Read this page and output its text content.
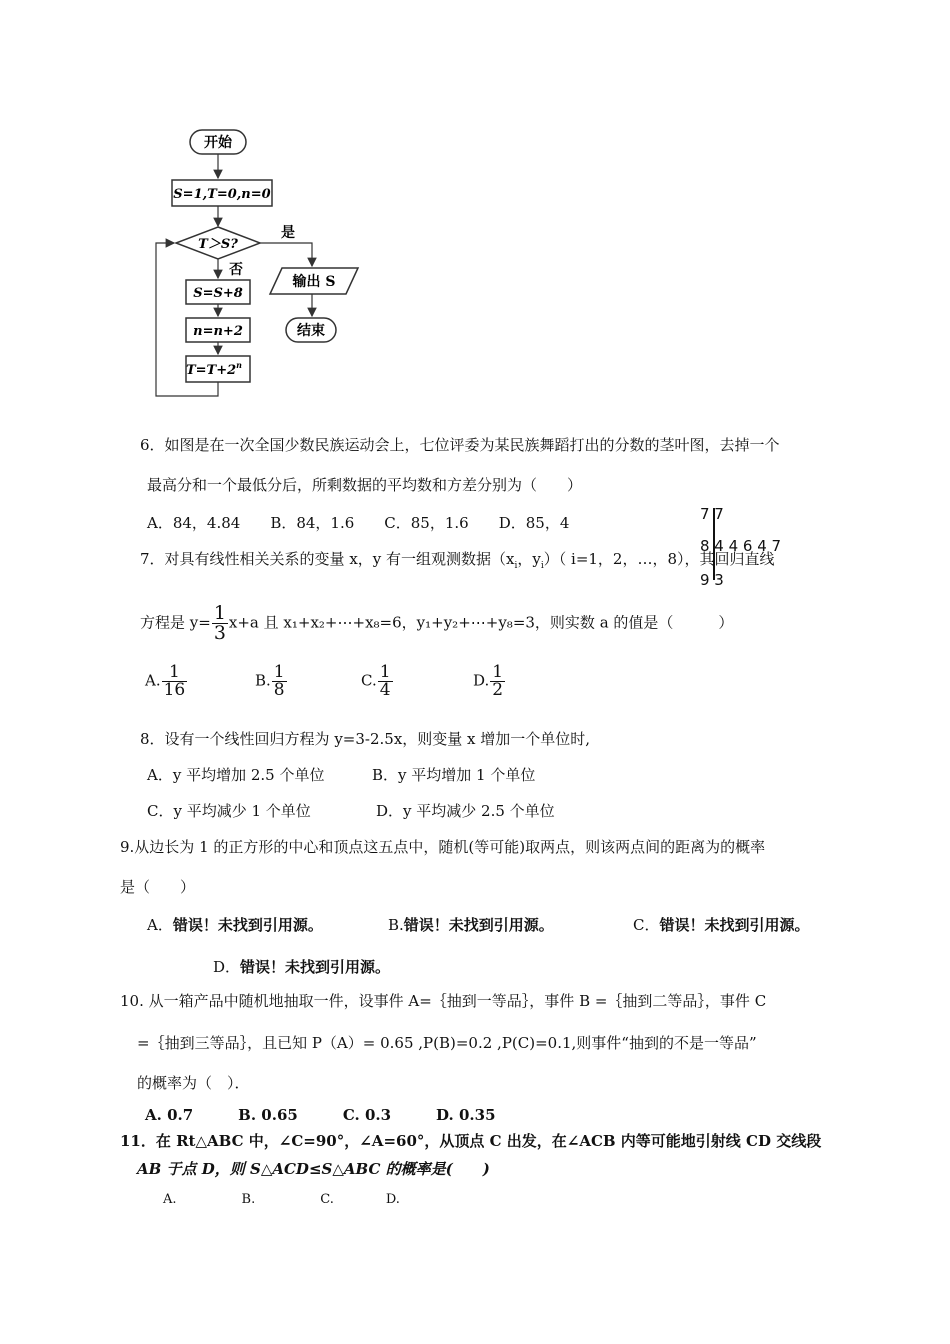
开始
S=1,T=0,n=0
T＞S?
是
输出 S
结束
否
S=S+8
n=n+2
$T=T+2^n$
7 7
8 4 4 6 4 7
9 3
6．如图是在一次全国少数民族运动会上，七位评委为某民族舞蹈打出的分数的茎叶图，去掉一个
最高分和一个最低分后，所剩数据的平均数和方差分别为（　　）
A．84，4.84　　B．84，1.6　　C．85，1.6　　D．85，4
7．对具有线性相关关系的变量 x，y 有一组观测数据（$x_i$，$y_i$）（ i=1，2，…，8），其回归直线
方程是 $y= \frac{1}{3} x+a$ 且 x₁+x₂+⋯+x₈=6，y₁+y₂+⋯+y₈=3，则实数 a 的值是（　　　）
A. $\frac{1}{16}$	B. $\frac{1}{8}$	C. $\frac{1}{4}$	D. $\frac{1}{2}$
8．设有一个线性回归方程为 y=3-2.5x，则变量 x 增加一个单位时,
A．y 平均增加 2.5 个单位	B．y 平均增加 1 个单位
C．y 平均减少 1 个单位	D．y 平均减少 2.5 个单位
9.从边长为 1 的正方形的中心和顶点这五点中，随机(等可能)取两点，则该两点间的距离为的概率
是（　　）
A．错误！未找到引用源。	B.错误！未找到引用源。	C．错误！未找到引用源。
D．错误！未找到引用源。
10. 从一箱产品中随机地抽取一件，设事件 A=｛抽到一等品｝，事件 B =｛抽到二等品｝，事件 C
=｛抽到三等品｝，且已知 P（A）= 0.65 ,P(B)=0.2 ,P(C)=0.1,则事件“抽到的不是一等品”
的概率为（　）．
A. 0.7　　　B. 0.65　　　C. 0.3　　　D. 0.35
11．在 Rt△ABC 中，∠C=90°，∠A=60°，从顶点 C 出发，在∠ACB 内等可能地引射线 CD 交线段
AB 于点 D，则 S△ACD≤S△ABC 的概率是(　　)
A.　　　　　B.　　　　　C.　　　　D.
